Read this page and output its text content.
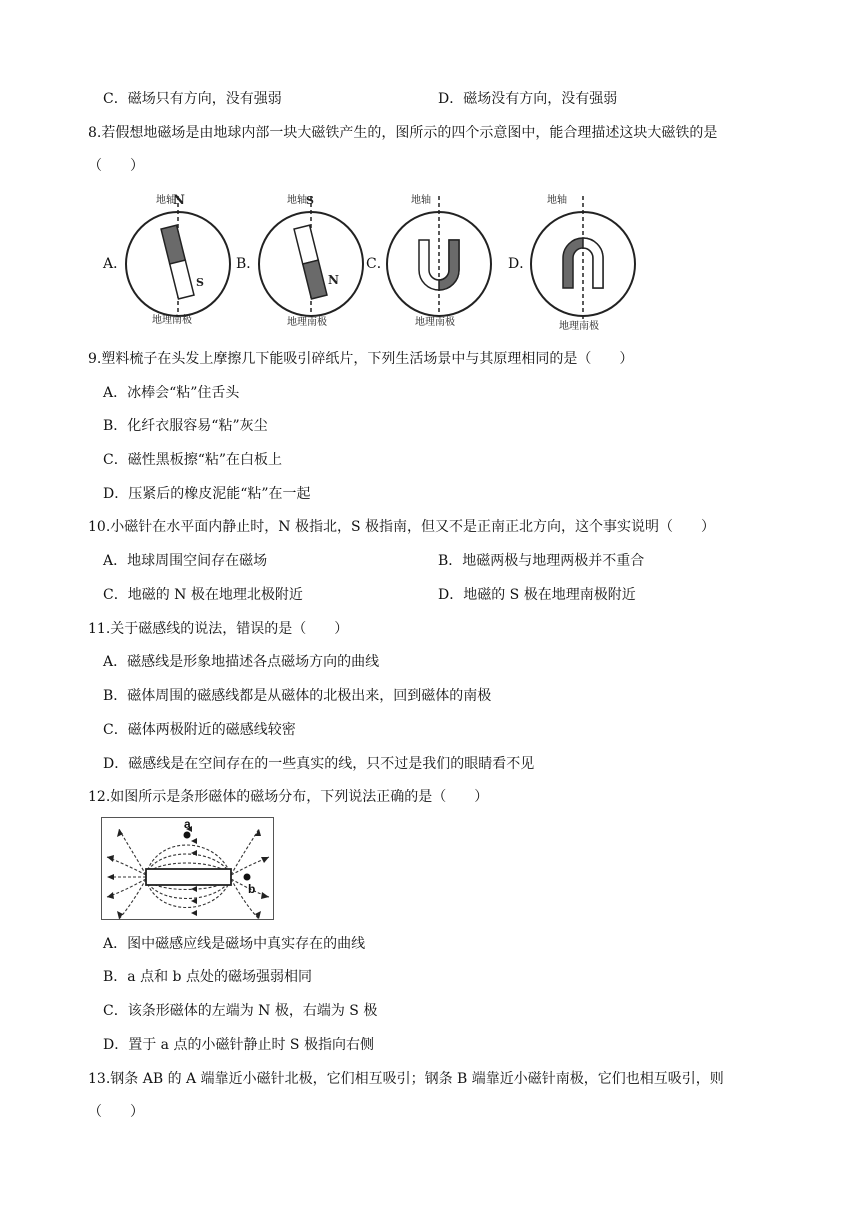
C．磁场只有方向，没有强弱	D．磁场没有方向，没有强弱
8.若假想地磁场是由地球内部一块大磁铁产生的，图所示的四个示意图中，能合理描述这块大磁铁的是
（　　）
A．	B．	C．	D．
地轴
N
S
地理南极
地轴 S
N
地理南极
地轴
地理南极
地轴
地理南极
9.塑料梳子在头发上摩擦几下能吸引碎纸片，下列生活场景中与其原理相同的是（　　）
A．冰棒会“粘”住舌头
B．化纤衣服容易“粘”灰尘
C．磁性黑板擦“粘”在白板上
D．压紧后的橡皮泥能“粘”在一起
10.小磁针在水平面内静止时，N 极指北，S 极指南，但又不是正南正北方向，这个事实说明（　　）
A．地球周围空间存在磁场	B．地磁两极与地理两极并不重合
C．地磁的 N 极在地理北极附近	D．地磁的 S 极在地理南极附近
11.关于磁感线的说法，错误的是（　　）
A．磁感线是形象地描述各点磁场方向的曲线
B．磁体周围的磁感线都是从磁体的北极出来，回到磁体的南极
C．磁体两极附近的磁感线较密
D．磁感线是在空间存在的一些真实的线，只不过是我们的眼睛看不见
12.如图所示是条形磁体的磁场分布，下列说法正确的是（　　）
a
b
A．图中磁感应线是磁场中真实存在的曲线
B．a 点和 b 点处的磁场强弱相同
C．该条形磁体的左端为 N 极，右端为 S 极
D．置于 a 点的小磁针静止时 S 极指向右侧
13.钢条 AB 的 A 端靠近小磁针北极，它们相互吸引；钢条 B 端靠近小磁针南极，它们也相互吸引，则
（　　）
